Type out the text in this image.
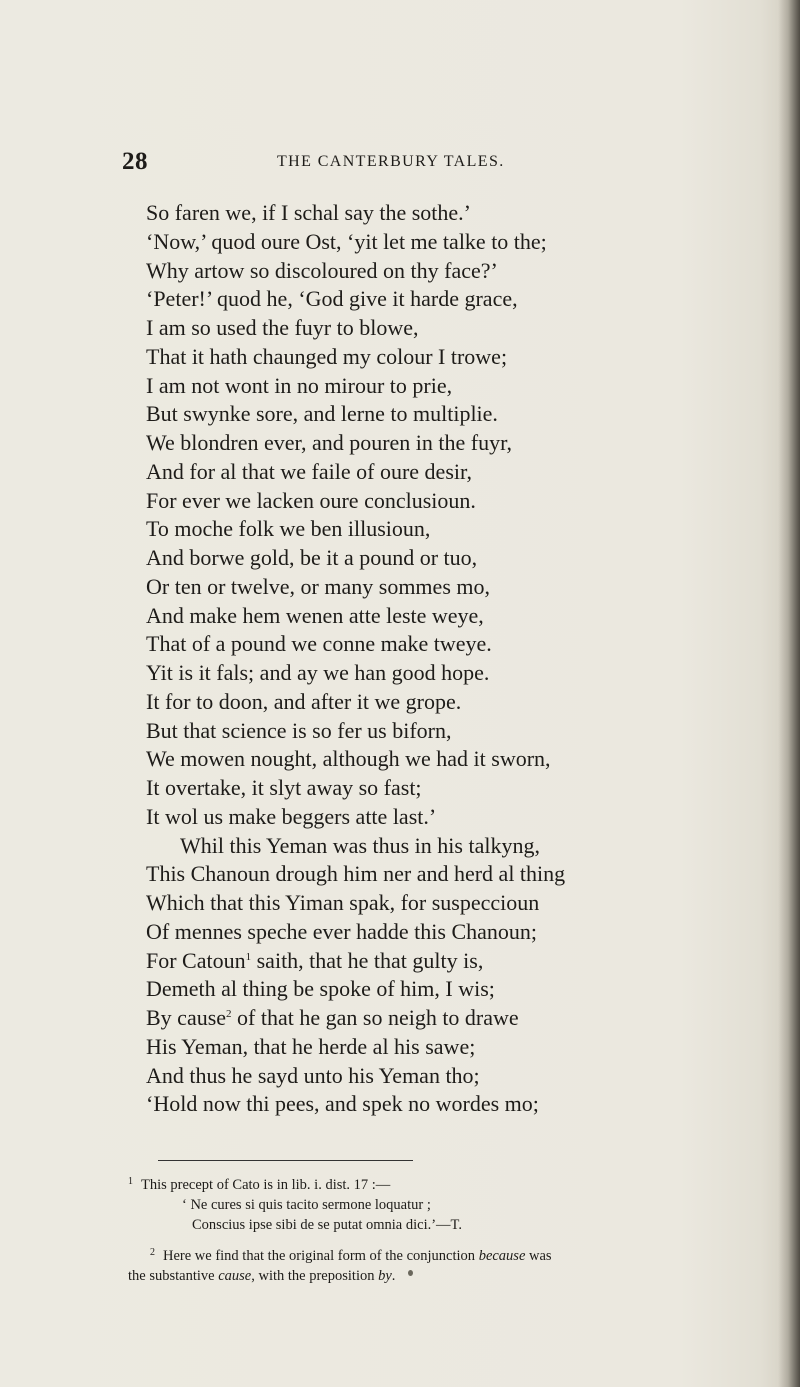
28	THE CANTERBURY TALES.
So faren we, if I schal say the sothe.’
‘Now,’ quod oure Ost, ‘yit let me talke to the;
Why artow so discoloured on thy face?’
‘Peter!’ quod he, ‘God give it harde grace,
I am so used the fuyr to blowe,
That it hath chaunged my colour I trowe;
I am not wont in no mirour to prie,
But swynke sore, and lerne to multiplie.
We blondren ever, and pouren in the fuyr,
And for al that we faile of oure desir,
For ever we lacken oure conclusioun.
To moche folk we ben illusioun,
And borwe gold, be it a pound or tuo,
Or ten or twelve, or many sommes mo,
And make hem wenen atte leste weye,
That of a pound we conne make tweye.
Yit is it fals; and ay we han good hope.
It for to doon, and after it we grope.
But that science is so fer us biforn,
We mowen nought, although we had it sworn,
It overtake, it slyt away so fast;
It wol us make beggers atte last.’
Whil this Yeman was thus in his talkyng,
This Chanoun drough him ner and herd al thing
Which that this Yiman spak, for suspeccioun
Of mennes speche ever hadde this Chanoun;
For Catoun$^1$ saith, that he that gulty is,
Demeth al thing be spoke of him, I wis;
By cause$^2$ of that he gan so neigh to drawe
His Yeman, that he herde al his sawe;
And thus he sayd unto his Yeman tho;
‘Hold now thi pees, and spek no wordes mo;
$^1$ This precept of Cato is in lib. i. dist. 17 :—
‘ Ne cures si quis tacito sermone loquatur ;
Conscius ipse sibi de se putat omnia dici.’—T.
$^2$ Here we find that the original form of the conjunction because was
the substantive cause, with the preposition by.
